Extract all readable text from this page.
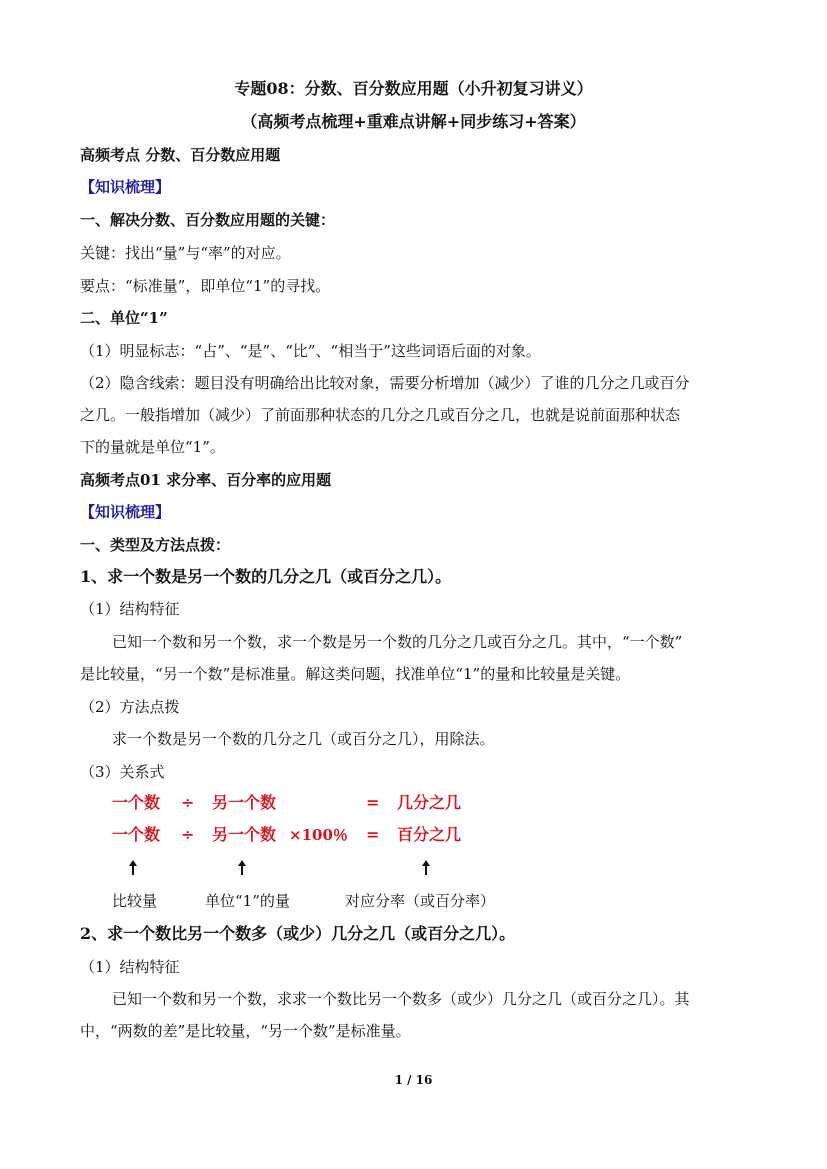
专题08：分数、百分数应用题（小升初复习讲义）
（高频考点梳理+重难点讲解+同步练习+答案）
高频考点 分数、百分数应用题
【知识梳理】
一、解决分数、百分数应用题的关键：
关键：找出“量”与“率”的对应。
要点：“标准量”，即单位“1”的寻找。
二、单位“1”
（1）明显标志：“占”、“是”、“比”、“相当于”这些词语后面的对象。
（2）隐含线索：题目没有明确给出比较对象，需要分析增加（减少）了谁的几分之几或百分
之几。一般指增加（减少）了前面那种状态的几分之几或百分之几，也就是说前面那种状态
下的量就是单位“1”。
高频考点01 求分率、百分率的应用题
【知识梳理】
一、类型及方法点拨：
1、求一个数是另一个数的几分之几（或百分之几）。
（1）结构特征
已知一个数和另一个数，求一个数是另一个数的几分之几或百分之几。其中，“一个数”
是比较量，“另一个数”是标准量。解这类问题，找准单位“1”的量和比较量是关键。
（2）方法点拨
求一个数是另一个数的几分之几（或百分之几），用除法。
（3）关系式
一个数 ÷ 另一个数	= 几分之几
一个数 ÷ 另一个数 ×100％ = 百分之几
比较量	单位“1”的量	对应分率（或百分率）
2、求一个数比另一个数多（或少）几分之几（或百分之几）。
（1）结构特征
已知一个数和另一个数，求求一个数比另一个数多（或少）几分之几（或百分之几）。其
中，“两数的差”是比较量，“另一个数”是标准量。
1 / 16
